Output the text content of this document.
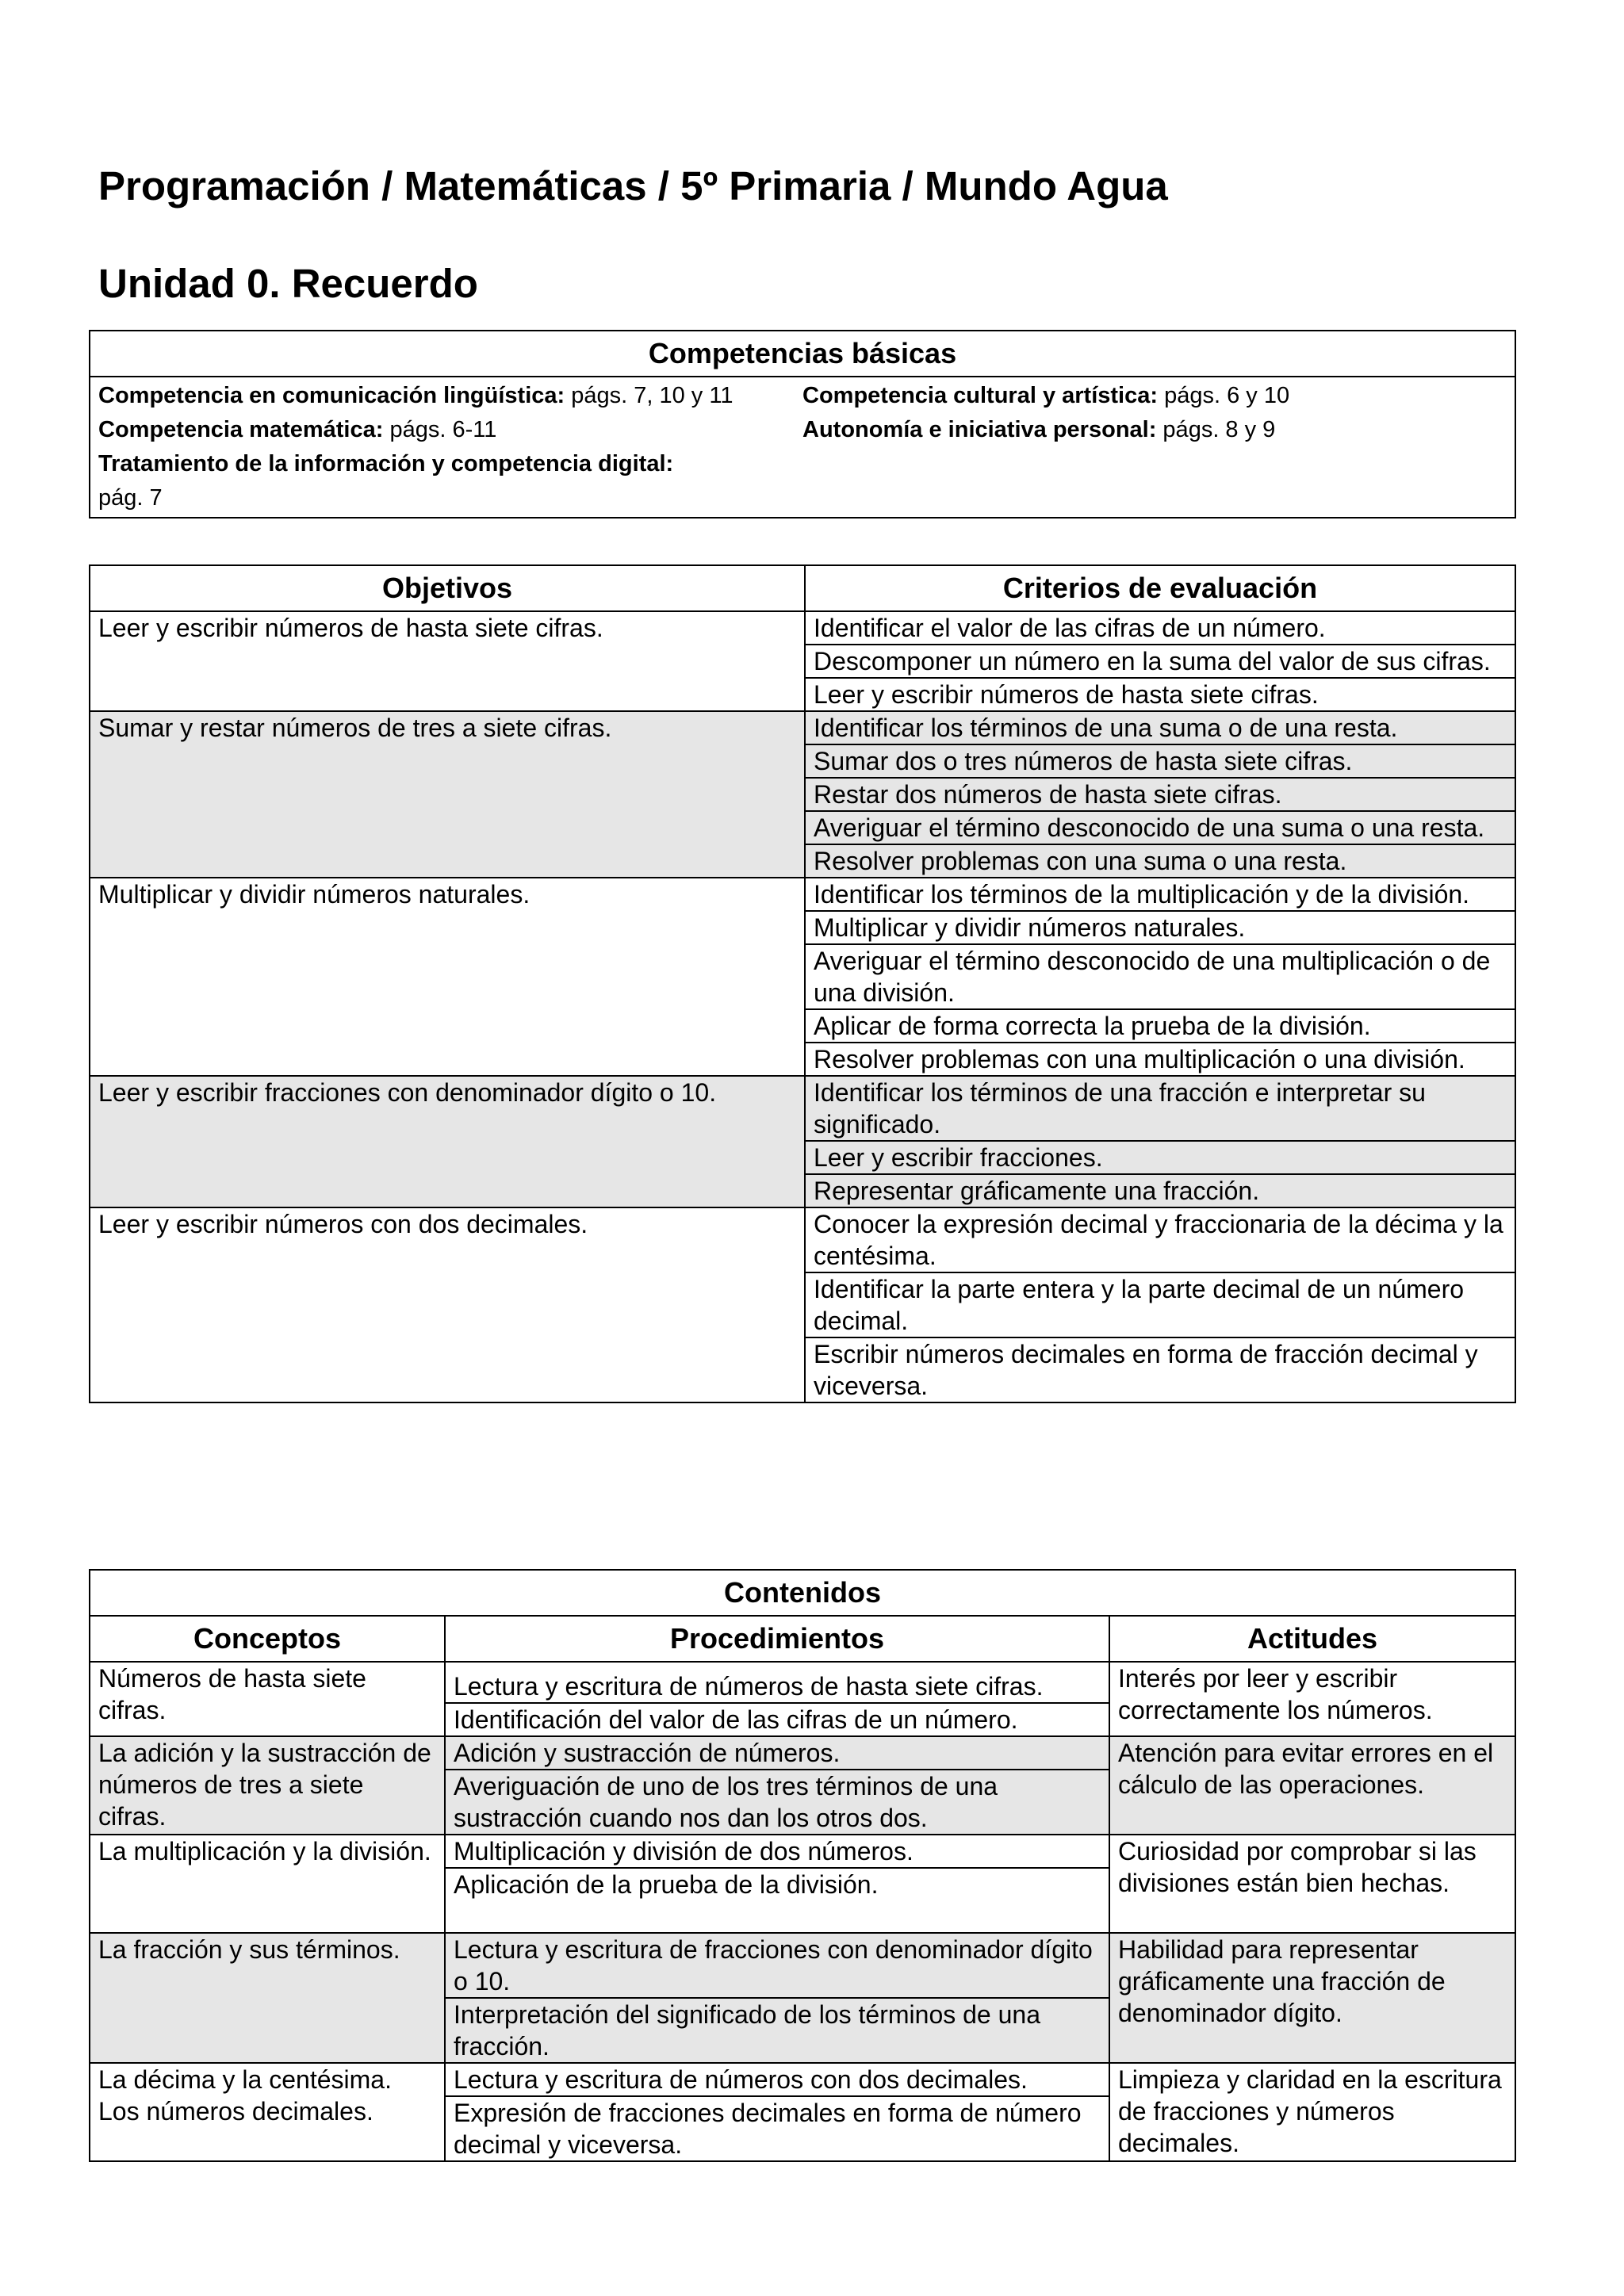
Programación / Matemáticas / 5º Primaria / Mundo Agua
Unidad 0. Recuerdo
Competencias básicas

Competencia en comunicación lingüística: págs. 7, 10 y 11	Competencia cultural y artística: págs. 6 y 10
Competencia matemática: págs. 6-11	Autonomía e iniciativa personal: págs. 8 y 9
Tratamiento de la información y competencia digital:
pág. 7
Objetivos	Criterios de evaluación
Leer y escribir números de hasta siete cifras.	Identificar el valor de las cifras de un número.
	Descomponer un número en la suma del valor de sus cifras.
	Leer y escribir números de hasta siete cifras.
Sumar y restar números de tres a siete cifras.	Identificar los términos de una suma o de una resta.
	Sumar dos o tres números de hasta siete cifras.
	Restar dos números de hasta siete cifras.
	Averiguar el término desconocido de una suma o una resta.
	Resolver problemas con una suma o una resta.
Multiplicar y dividir números naturales.	Identificar los términos de la multiplicación y de la división.
	Multiplicar y dividir números naturales.
	Averiguar el término desconocido de una multiplicación o de una división.
	Aplicar de forma correcta la prueba de la división.
	Resolver problemas con una multiplicación o una división.
Leer y escribir fracciones con denominador dígito o 10.	Identificar los términos de una fracción e interpretar su significado.
	Leer y escribir fracciones.
	Representar gráficamente una fracción.
Leer y escribir números con dos decimales.	Conocer la expresión decimal y fraccionaria de la décima y la centésima.
	Identificar la parte entera y la parte decimal de un número decimal.
	Escribir números decimales en forma de fracción decimal y viceversa.
Contenidos		
Conceptos	Procedimientos	Actitudes
Números de hasta siete cifras.	Lectura y escritura de números de hasta siete cifras.	Interés por leer y escribir correctamente los números.
	Identificación del valor de las cifras de un número.	
La adición y la sustracción de números de tres a siete cifras.	Adición y sustracción de números.	Atención para evitar errores en el cálculo de las operaciones.
	Averiguación de uno de los tres términos de una sustracción cuando nos dan los otros dos.	
La multiplicación y la división.	Multiplicación y división de dos números.	Curiosidad por comprobar si las divisiones están bien hechas.
	Aplicación de la prueba de la división.	
La fracción y sus términos.	Lectura y escritura de fracciones con denominador dígito o 10.	Habilidad para representar gráficamente una fracción de denominador dígito.
	Interpretación del significado de los términos de una fracción.	
La décima y la centésima. Los números decimales.	Lectura y escritura de números con dos decimales.	Limpieza y claridad en la escritura de fracciones y números decimales.
	Expresión de fracciones decimales en forma de número decimal y viceversa.	
